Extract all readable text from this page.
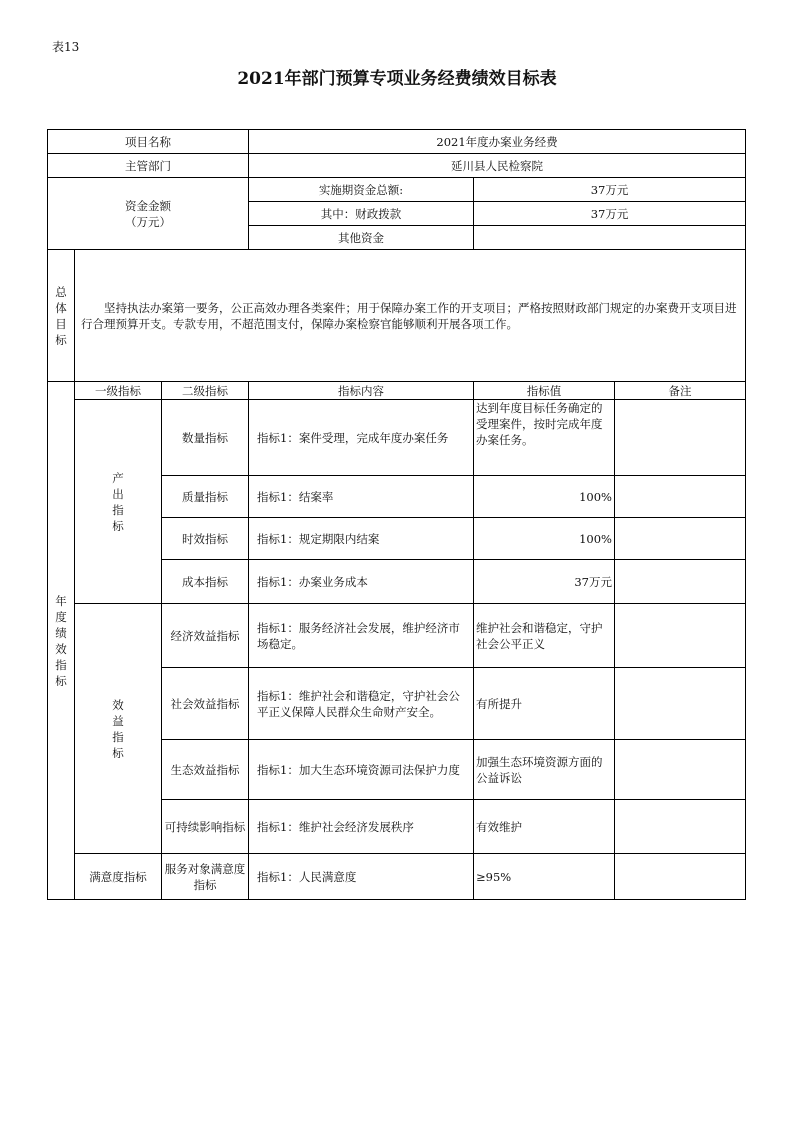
表13
2021年部门预算专项业务经费绩效目标表
项目名称			2021年度办案业务经费		
主管部门			延川县人民检察院		

资金金额
（万元）			实施期资金总额:	37万元	
			其中：财政拨款	37万元	
			其他资金		

总体目标	坚持执法办案第一要务，公正高效办理各类案件；用于保障办案工作的开支项目；严格按照财政部门规定的办案费开支项目进行合理预算开支。专款专用，不超范围支付，保障办案检察官能够顺利开展各项工作。				

年度绩效指标	一级指标	二级指标	指标内容	指标值	备注

	产出指标	数量指标	指标1：案件受理，完成年度办案任务	达到年度目标任务确定的受理案件，按时完成年度办案任务。	
		质量指标	指标1：结案率	100%	
		时效指标	指标1：规定期限内结案	100%	
		成本指标	指标1：办案业务成本	37万元	

	效益指标	经济效益指标	指标1：服务经济社会发展，维护经济市场稳定。	维护社会和谐稳定，守护社会公平正义	
		社会效益指标	指标1：维护社会和谐稳定，守护社会公平正义保障人民群众生命财产安全。	有所提升	
		生态效益指标	指标1：加大生态环境资源司法保护力度	加强生态环境资源方面的公益诉讼	
		可持续影响指标	指标1：维护社会经济发展秩序	有效维护	
	满意度指标	服务对象满意度指标	指标1：人民满意度	≥95%	
